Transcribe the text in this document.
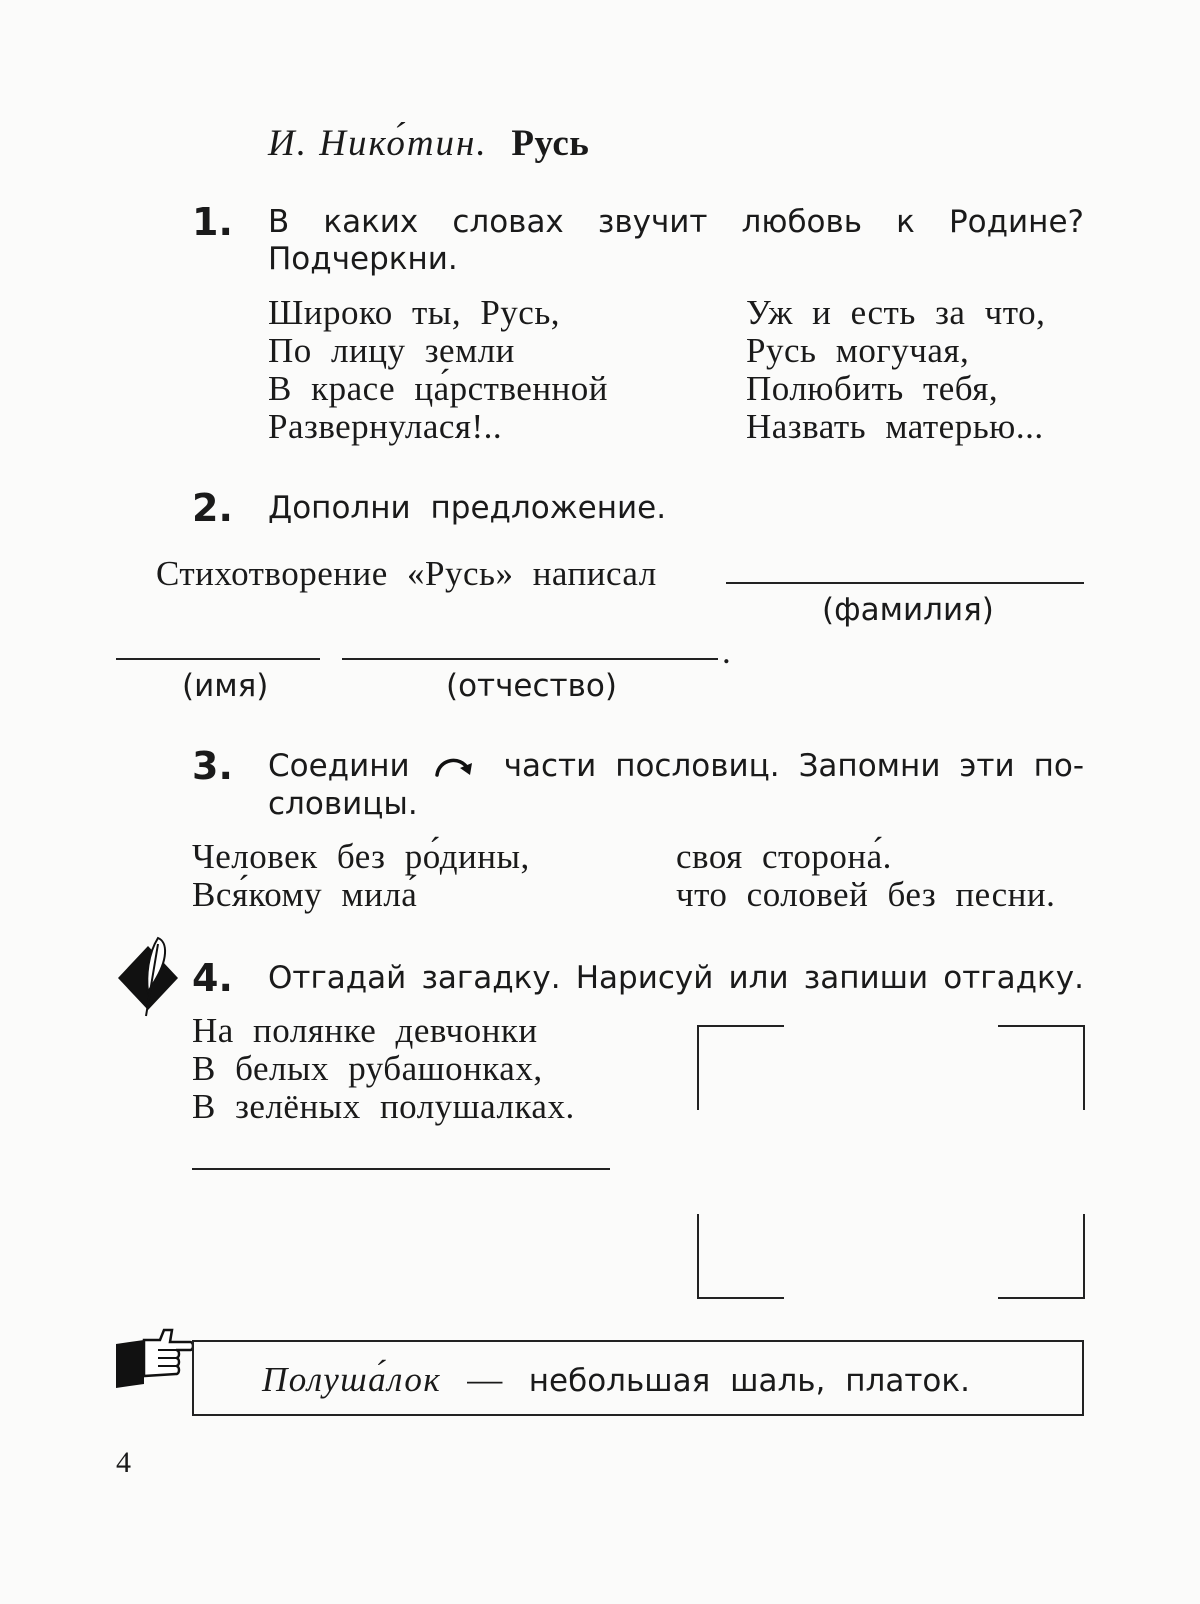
И. Нико́тин. Русь
1. В каких словах звучит любовь к Родине?
Подчеркни.
Широко ты, Русь,
По лицу земли
В красе ца́рственной
Развернулася!..
Уж и есть за что,
Русь могучая,
Полюбить тебя,
Назвать матерью...
2. Дополни предложение.
Стихотворение «Русь» написал
(фамилия)
.
(имя)	(отчество)
3. Соедини	части пословиц. Запомни эти по-
словицы.
Человек без ро́дины,
Вся́кому мила́
своя сторона́.
что соловей без песни.
4. Отгадай загадку. Нарисуй или запиши отгадку.
На полянке девчонки
В белых рубашонках,
В зелёных полушалках.
Полуша́лок — небольшая шаль, платок.
4
